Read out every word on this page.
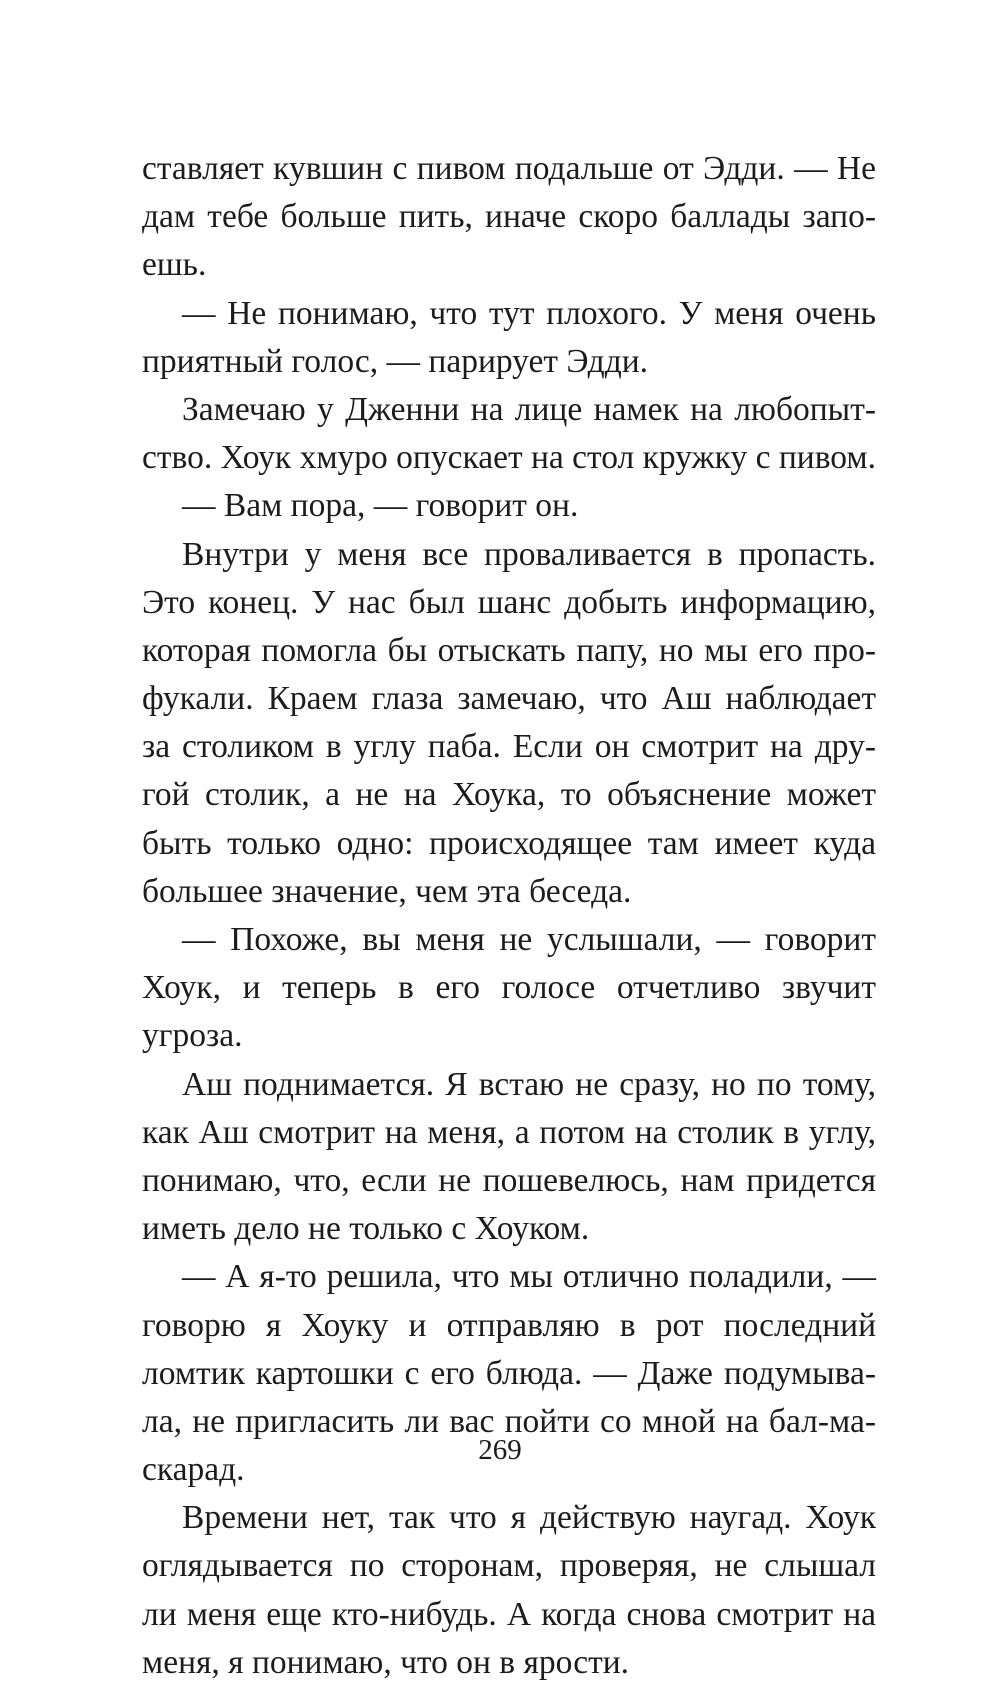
ставляет кувшин с пивом подальше от Эдди. — Не
дам тебе больше пить, иначе скоро баллады запо-
ешь.
— Не понимаю, что тут плохого. У меня очень
приятный голос, — парирует Эдди.
Замечаю у Дженни на лице намек на любопыт-
ство. Хоук хмуро опускает на стол кружку с пивом.
— Вам пора, — говорит он.
Внутри у меня все проваливается в пропасть.
Это конец. У нас был шанс добыть информацию,
которая помогла бы отыскать папу, но мы его про-
фукали. Краем глаза замечаю, что Аш наблюдает
за столиком в углу паба. Если он смотрит на дру-
гой столик, а не на Хоука, то объяснение может
быть только одно: происходящее там имеет куда
большее значение, чем эта беседа.
— Похоже, вы меня не услышали, — говорит
Хоук, и теперь в его голосе отчетливо звучит
угроза.
Аш поднимается. Я встаю не сразу, но по тому,
как Аш смотрит на меня, а потом на столик в углу,
понимаю, что, если не пошевелюсь, нам придется
иметь дело не только с Хоуком.
— А я-то решила, что мы отлично поладили, —
говорю я Хоуку и отправляю в рот последний
ломтик картошки с его блюда. — Даже подумыва-
ла, не пригласить ли вас пойти со мной на бал-ма-
скарад.
Времени нет, так что я действую наугад. Хоук
оглядывается по сторонам, проверяя, не слышал
ли меня еще кто-нибудь. А когда снова смотрит на
меня, я понимаю, что он в ярости.
269
